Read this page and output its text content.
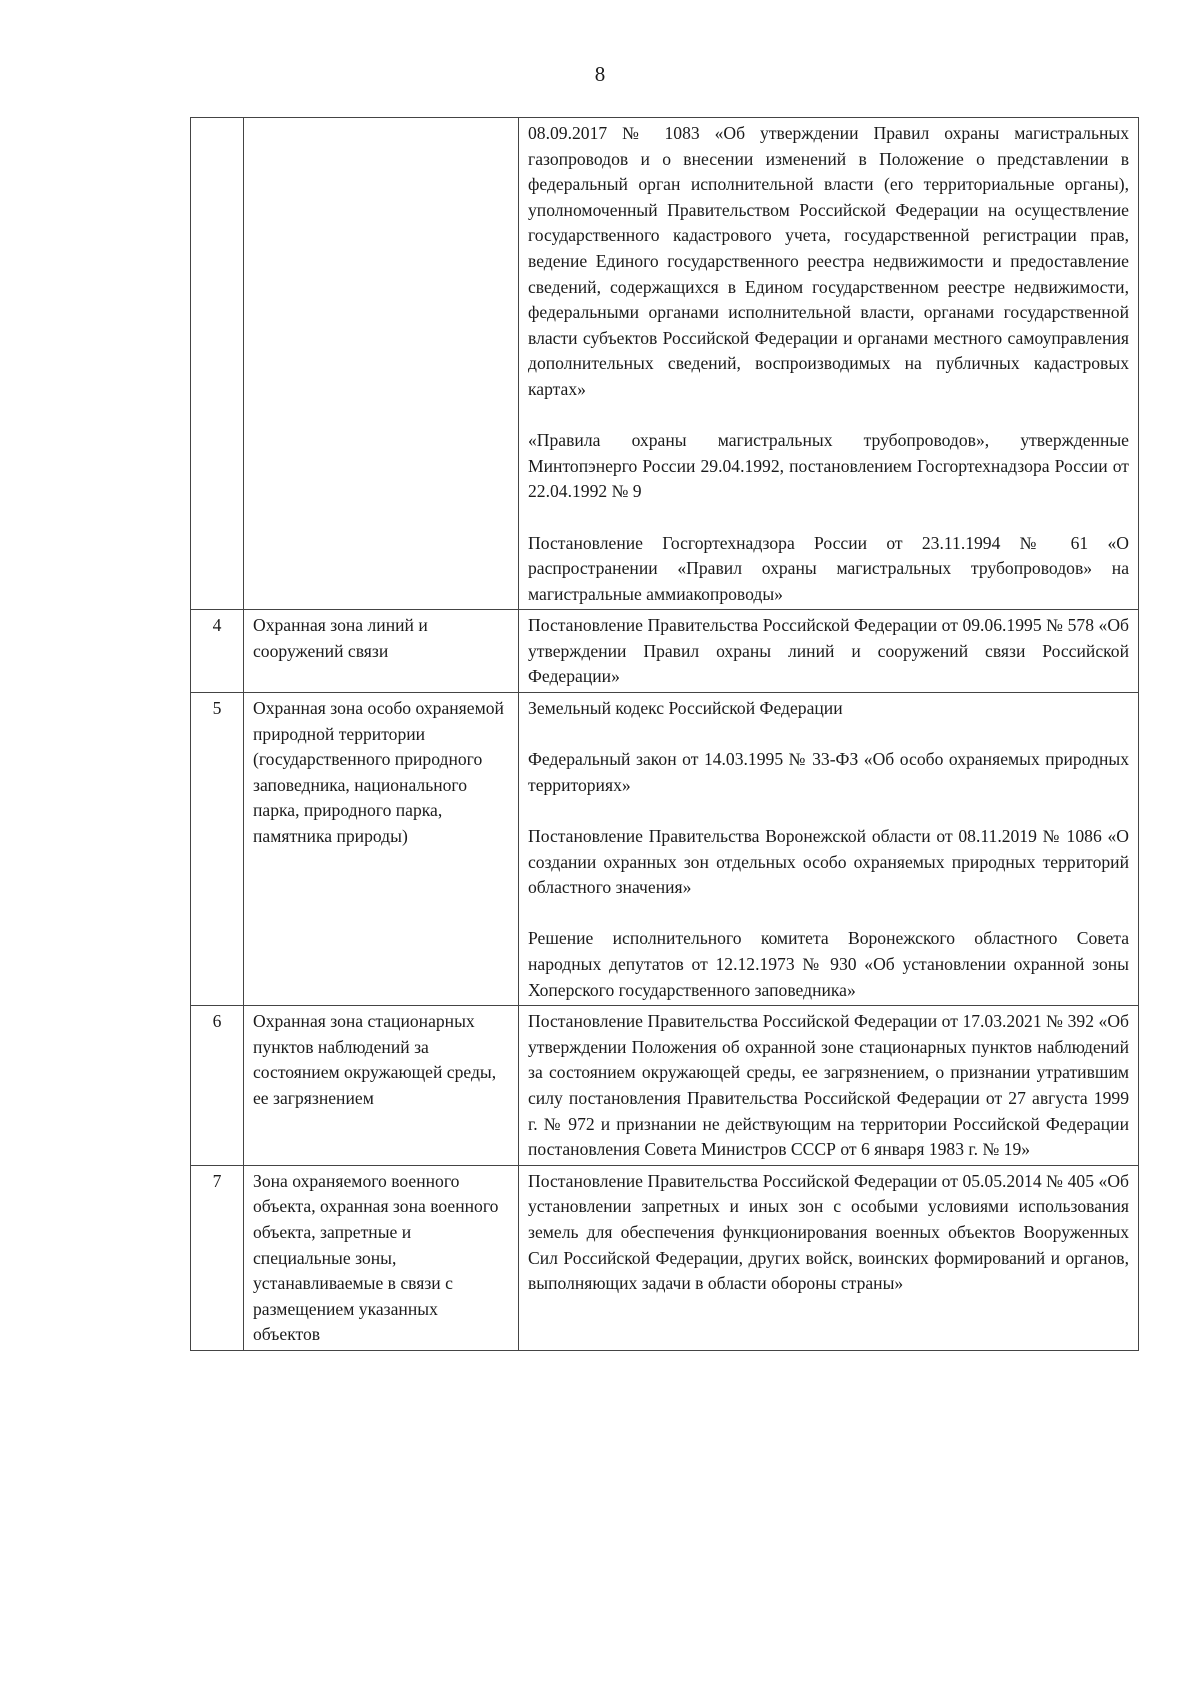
8

		08.09.2017 № 1083 «Об утверждении Правил охраны магистральных газопроводов и о внесении изменений в Положение о представлении в федеральный орган исполнительной власти (его территориальные органы), уполномоченный Правительством Российской Федерации на осуществление государственного кадастрового учета, государственной регистрации прав, ведение Единого государственного реестра недвижимости и предоставление сведений, содержащихся в Едином государственном реестре недвижимости, федеральными органами исполнительной власти, органами государственной власти субъектов Российской Федерации и органами местного самоуправления дополнительных сведений, воспроизводимых на публичных кадастровых картах»

«Правила охраны магистральных трубопроводов», утвержденные Минтопэнерго России 29.04.1992, постановлением Госгортехнадзора России от 22.04.1992 № 9

Постановление Госгортехнадзора России от 23.11.1994 № 61 «О распространении «Правил охраны магистральных трубопроводов» на магистральные аммиакопроводы»

4	Охранная зона линий и сооружений связи	Постановление Правительства Российской Федерации от 09.06.1995 № 578 «Об утверждении Правил охраны линий и сооружений связи Российской Федерации»

5	Охранная зона особо охраняемой природной территории (государственного природного заповедника, национального парка, природного парка, памятника природы)	Земельный кодекс Российской Федерации

Федеральный закон от 14.03.1995 № 33-ФЗ «Об особо охраняемых природных территориях»

Постановление Правительства Воронежской области от 08.11.2019 № 1086 «О создании охранных зон отдельных особо охраняемых природных территорий областного значения»

Решение исполнительного комитета Воронежского областного Совета народных депутатов от 12.12.1973 № 930 «Об установлении охранной зоны Хоперского государственного заповедника»

6	Охранная зона стационарных пунктов наблюдений за состоянием окружающей среды, ее загрязнением	Постановление Правительства Российской Федерации от 17.03.2021 № 392 «Об утверждении Положения об охранной зоне стационарных пунктов наблюдений за состоянием окружающей среды, ее загрязнением, о признании утратившим силу постановления Правительства Российской Федерации от 27 августа 1999 г. № 972 и признании не действующим на территории Российской Федерации постановления Совета Министров СССР от 6 января 1983 г. № 19»

7	Зона охраняемого военного объекта, охранная зона военного объекта, запретные и специальные зоны, устанавливаемые в связи с размещением указанных объектов	Постановление Правительства Российской Федерации от 05.05.2014 № 405 «Об установлении запретных и иных зон с особыми условиями использования земель для обеспечения функционирования военных объектов Вооруженных Сил Российской Федерации, других войск, воинских формирований и органов, выполняющих задачи в области обороны страны»
